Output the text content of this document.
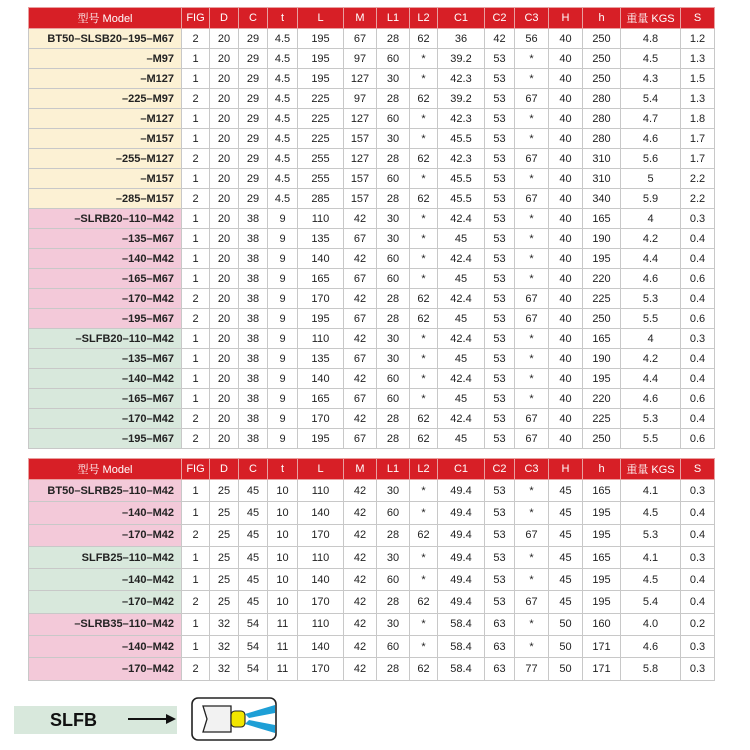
型号 Model	FIG	D	C	t	L	M	L1	L2	C1	C2	C3	H	h	重量 KGS	S
BT50–SLSB20–195–M67	2	20	29	4.5	195	67	28	62	36	42	56	40	250	4.8	1.2
–M97	1	20	29	4.5	195	97	60	*	39.2	53	*	40	250	4.5	1.3
–M127	1	20	29	4.5	195	127	30	*	42.3	53	*	40	250	4.3	1.5
–225–M97	2	20	29	4.5	225	97	28	62	39.2	53	67	40	280	5.4	1.3
–M127	1	20	29	4.5	225	127	60	*	42.3	53	*	40	280	4.7	1.8
–M157	1	20	29	4.5	225	157	30	*	45.5	53	*	40	280	4.6	1.7
–255–M127	2	20	29	4.5	255	127	28	62	42.3	53	67	40	310	5.6	1.7
–M157	1	20	29	4.5	255	157	60	*	45.5	53	*	40	310	5	2.2
–285–M157	2	20	29	4.5	285	157	28	62	45.5	53	67	40	340	5.9	2.2
–SLRB20–110–M42	1	20	38	9	110	42	30	*	42.4	53	*	40	165	4	0.3
–135–M67	1	20	38	9	135	67	30	*	45	53	*	40	190	4.2	0.4
–140–M42	1	20	38	9	140	42	60	*	42.4	53	*	40	195	4.4	0.4
–165–M67	1	20	38	9	165	67	60	*	45	53	*	40	220	4.6	0.6
–170–M42	2	20	38	9	170	42	28	62	42.4	53	67	40	225	5.3	0.4
–195–M67	2	20	38	9	195	67	28	62	45	53	67	40	250	5.5	0.6
–SLFB20–110–M42	1	20	38	9	110	42	30	*	42.4	53	*	40	165	4	0.3
–135–M67	1	20	38	9	135	67	30	*	45	53	*	40	190	4.2	0.4
–140–M42	1	20	38	9	140	42	60	*	42.4	53	*	40	195	4.4	0.4
–165–M67	1	20	38	9	165	67	60	*	45	53	*	40	220	4.6	0.6
–170–M42	2	20	38	9	170	42	28	62	42.4	53	67	40	225	5.3	0.4
–195–M67	2	20	38	9	195	67	28	62	45	53	67	40	250	5.5	0.6
型号 Model	FIG	D	C	t	L	M	L1	L2	C1	C2	C3	H	h	重量 KGS	S
BT50–SLRB25–110–M42	1	25	45	10	110	42	30	*	49.4	53	*	45	165	4.1	0.3
–140–M42	1	25	45	10	140	42	60	*	49.4	53	*	45	195	4.5	0.4
–170–M42	2	25	45	10	170	42	28	62	49.4	53	67	45	195	5.3	0.4
SLFB25–110–M42	1	25	45	10	110	42	30	*	49.4	53	*	45	165	4.1	0.3
–140–M42	1	25	45	10	140	42	60	*	49.4	53	*	45	195	4.5	0.4
–170–M42	2	25	45	10	170	42	28	62	49.4	53	67	45	195	5.4	0.4
–SLRB35–110–M42	1	32	54	11	110	42	30	*	58.4	63	*	50	160	4.0	0.2
–140–M42	1	32	54	11	140	42	60	*	58.4	63	*	50	171	4.6	0.3
–170–M42	2	32	54	11	170	42	28	62	58.4	63	77	50	171	5.8	0.3
SLFB
